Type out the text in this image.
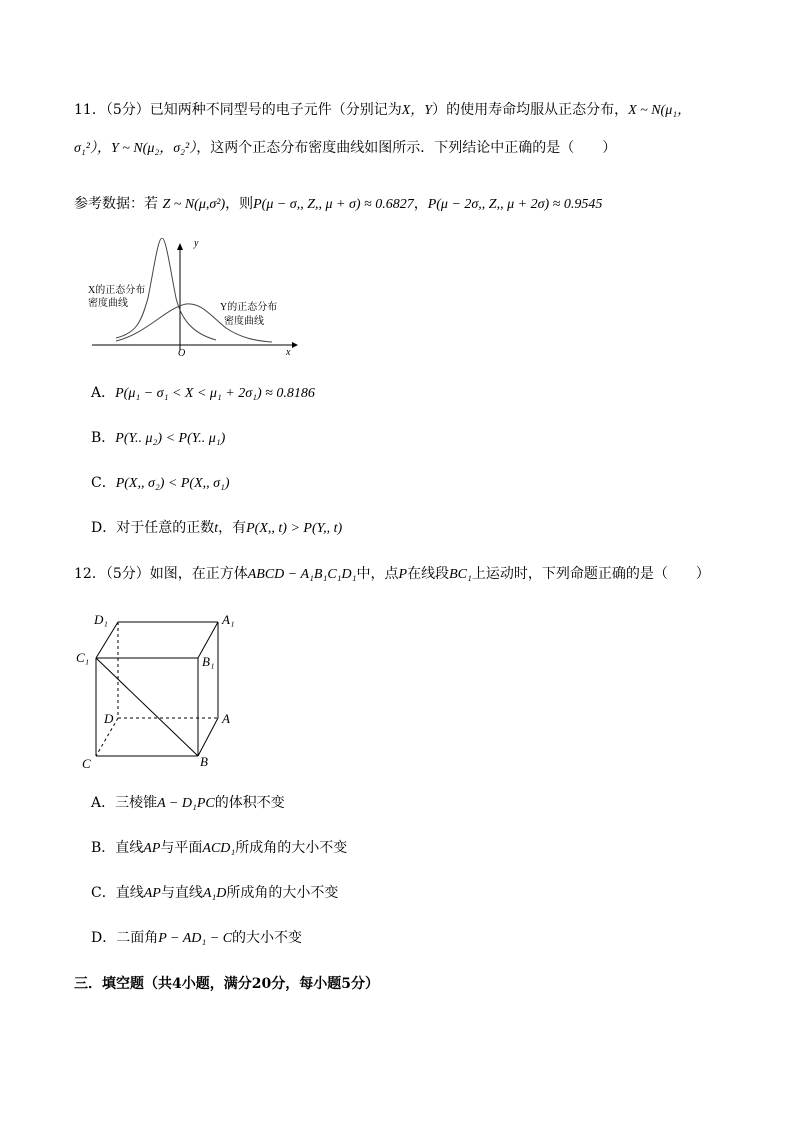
11．（5分）已知两种不同型号的电子元件（分别记为X，Y）的使用寿命均服从正态分布，X ~ N(μ₁，
σ₁²），Y ~ N(μ₂，σ₂²），这两个正态分布密度曲线如图所示．下列结论中正确的是（　　）
参考数据：若 Z ~ N(μ,σ²)，则P(μ − σ,, Z,, μ + σ) ≈ 0.6827，P(μ − 2σ,, Z,, μ + 2σ) ≈ 0.9545
y
x
O
X的正态分布
密度曲线	Y的正态分布
密度曲线
A．P(μ₁ − σ₁ < X < μ₁ + 2σ₁) ≈ 0.8186
B．P(Y.. μ₂) < P(Y.. μ₁)
C．P(X,, σ₂) < P(X,, σ₁)
D．对于任意的正数t，有P(X,, t) > P(Y,, t)
12．（5分）如图，在正方体ABCD − A₁B₁C₁D₁中，点P在线段BC₁上运动时，下列命题正确的是（　　）
D₁	A₁
C₁	B₁
D	A
C	B
A．三棱锥A − D₁PC的体积不变
B．直线AP与平面ACD₁所成角的大小不变
C．直线AP与直线A₁D所成角的大小不变
D．二面角P − AD₁ − C的大小不变
三．填空题（共4小题，满分20分，每小题5分）
